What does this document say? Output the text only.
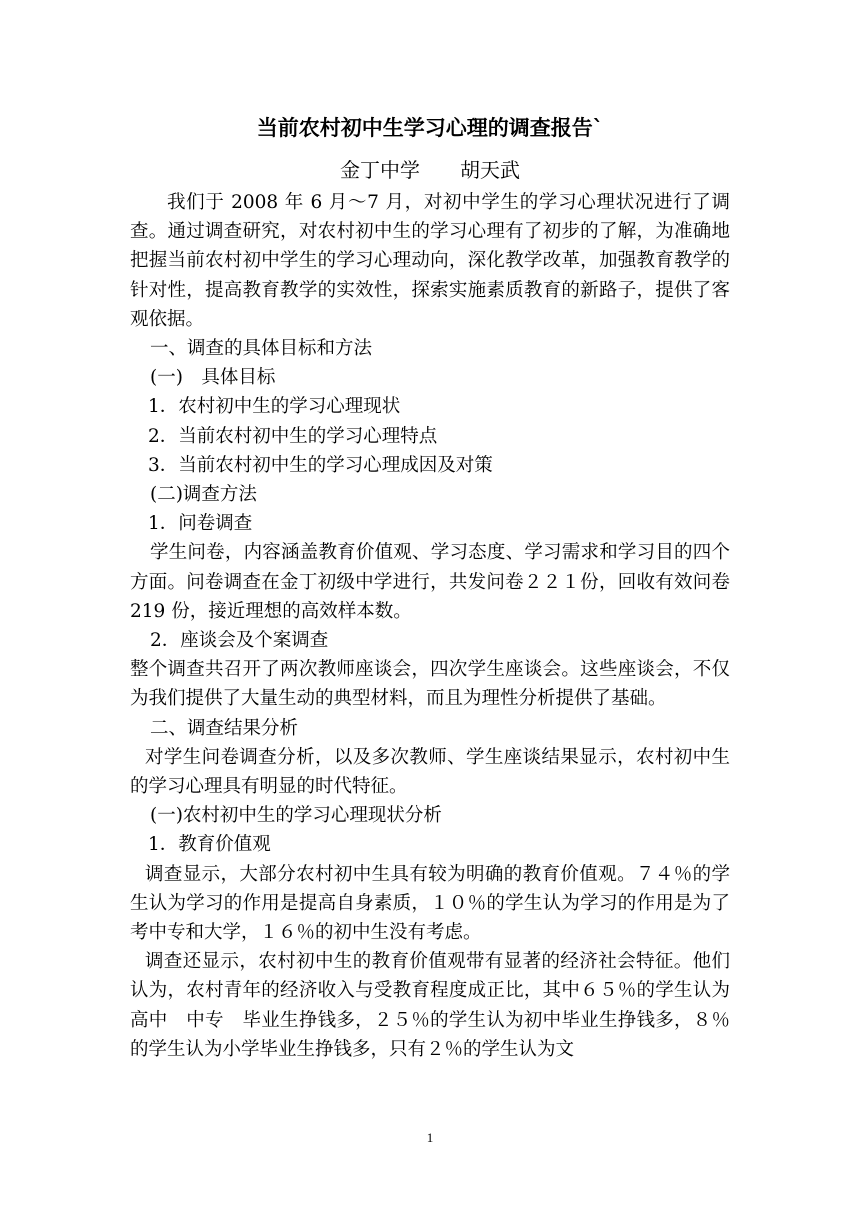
当前农村初中生学习心理的调查报告`
金丁中学　　胡天武

我们于 2008 年 6 月～7 月，对初中学生的学习心理状况进行了调查。通过调查研究，对农村初中生的学习心理有了初步的了解，为准确地把握当前农村初中学生的学习心理动向，深化教学改革，加强教育教学的针对性，提高教育教学的实效性，探索实施素质教育的新路子，提供了客观依据。

一、调查的具体目标和方法

(一)　具体目标

1．农村初中生的学习心理现状

2．当前农村初中生的学习心理特点

3．当前农村初中生的学习心理成因及对策

(二)调查方法

1．问卷调查

学生问卷，内容涵盖教育价值观、学习态度、学习需求和学习目的四个方面。问卷调查在金丁初级中学进行，共发问卷２２１份，回收有效问卷 219 份，接近理想的高效样本数。

2．座谈会及个案调查

整个调查共召开了两次教师座谈会，四次学生座谈会。这些座谈会，不仅为我们提供了大量生动的典型材料，而且为理性分析提供了基础。

二、调查结果分析

对学生问卷调查分析，以及多次教师、学生座谈结果显示，农村初中生的学习心理具有明显的时代特征。

(一)农村初中生的学习心理现状分析

1．教育价值观

调查显示，大部分农村初中生具有较为明确的教育价值观。７４％的学生认为学习的作用是提高自身素质，１０％的学生认为学习的作用是为了考中专和大学，１６％的初中生没有考虑。

调查还显示，农村初中生的教育价值观带有显著的经济社会特征。他们认为，农村青年的经济收入与受教育程度成正比，其中６５％的学生认为高中　中专　毕业生挣钱多，２５％的学生认为初中毕业生挣钱多，８％的学生认为小学毕业生挣钱多，只有２％的学生认为文

1
